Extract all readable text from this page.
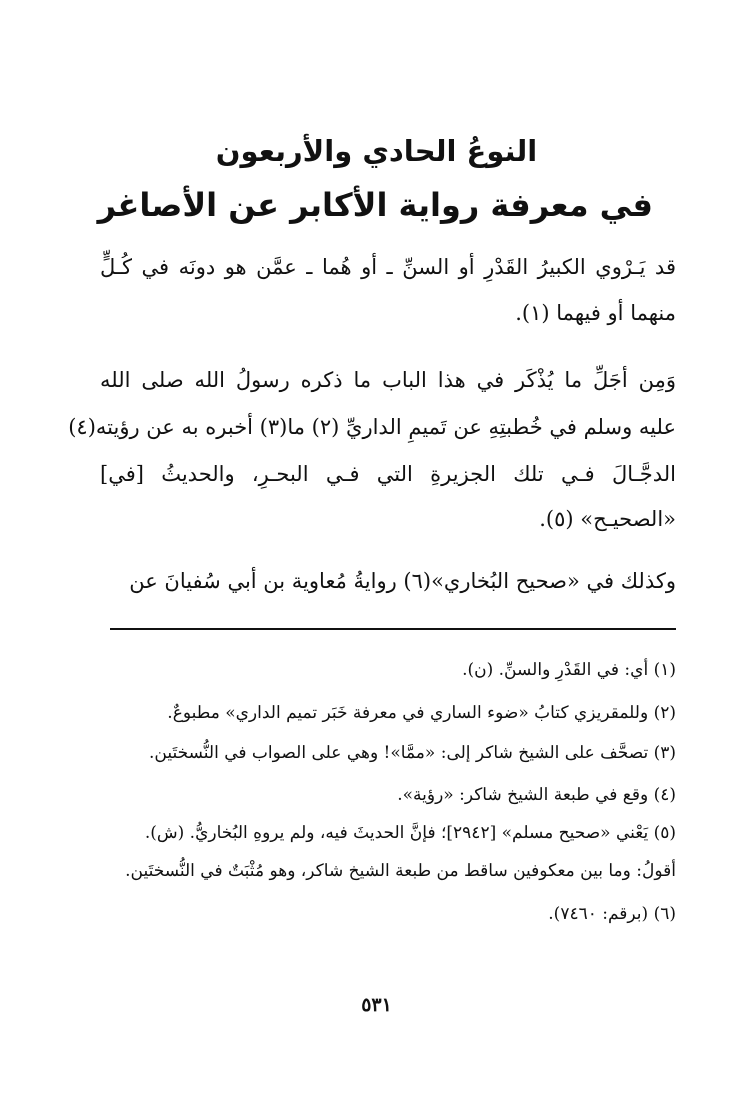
النوعُ الحادي والأربعون
في معرفة رواية الأكابر عن الأصاغر
قد يَـرْوي الكبيرُ القَدْرِ أو السنِّ ـ أو هُما ـ عمَّن هو دونَه في كُـلٍّ
منهما أو فيهما (١).
وَمِن أجَلِّ ما يُذْكَر في هذا الباب ما ذكره رسولُ الله صلى الله
عليه وسلم في خُطبتِهِ عن تَميمِ الداريِّ (٢) ما(٣) أخبره به عن رؤيته(٤)
الدجَّـالَ فـي تلك الجزيرةِ التي فـي البحـرِ، والحديثُ [في]
«الصحيـح» (٥).
وكذلك في «صحيح البُخاري»(٦) روايةُ مُعاوية بن أبي سُفيانَ عن
(١) أي: في القَدْرِ والسنِّ. (ن).
(٢) وللمقريزي كتابُ «ضوء الساري في معرفة خَبَر تميم الداري» مطبوعٌ.
(٣) تصحَّف على الشيخ شاكر إلى: «ممَّا»! وهي على الصواب في النُّسختَين.
(٤) وقع في طبعة الشيخ شاكر: «رؤية».
(٥) يَعْني «صحيح مسلم» [٢٩٤٢]؛ فإنَّ الحديثَ فيه، ولم يروهِ البُخاريُّ. (ش).
أقولُ: وما بين معكوفين ساقط من طبعة الشيخ شاكر، وهو مُثْبَتٌ في النُّسختَين.
(٦) (برقم: ٧٤٦٠).
٥٣١
